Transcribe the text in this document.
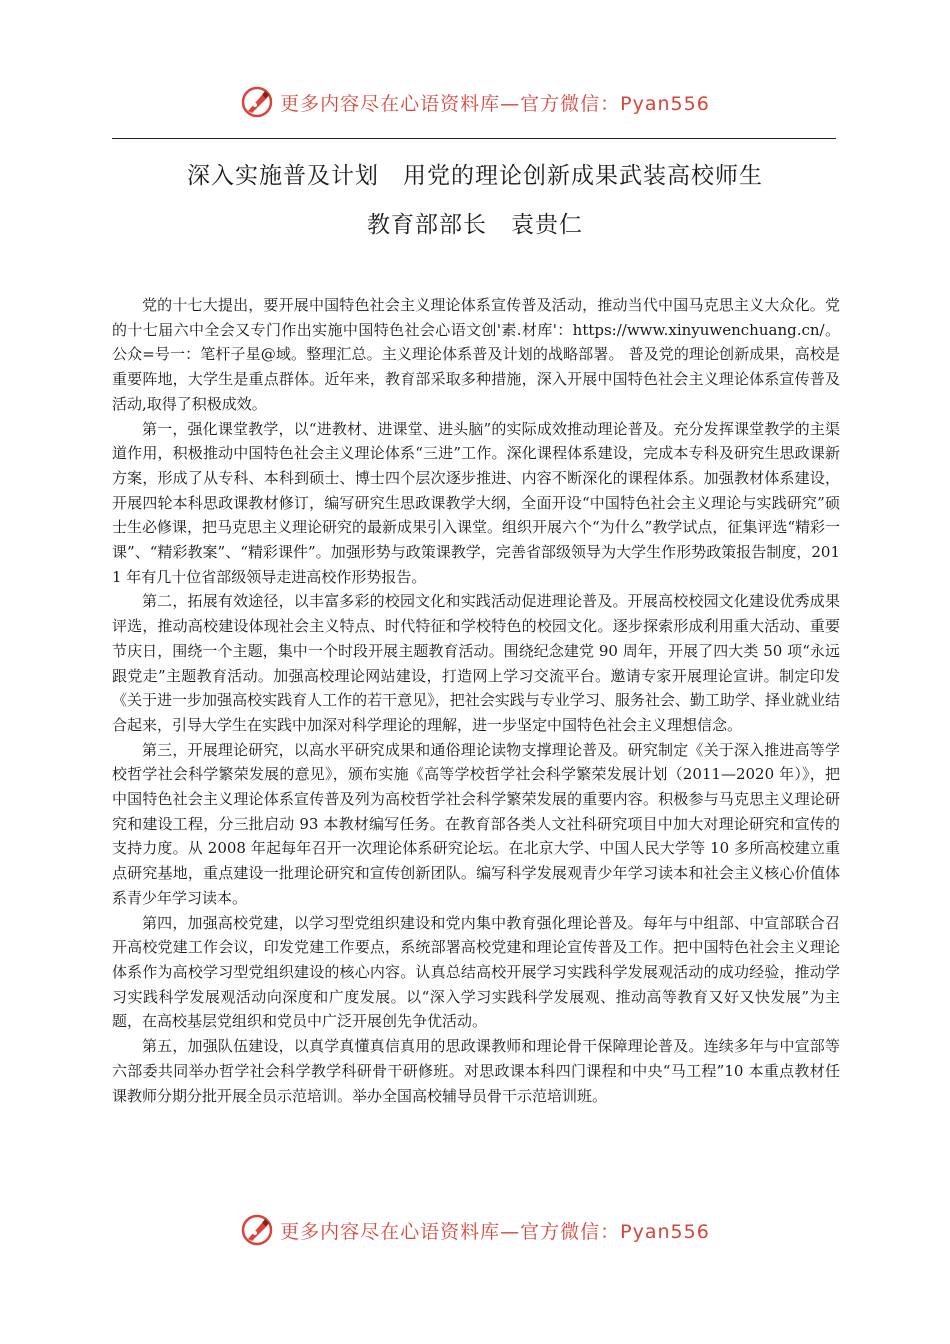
更多内容尽在心语资料库—官方微信：Pyan556
深入实施普及计划　用党的理论创新成果武装高校师生
教育部部长　袁贵仁

党的十七大提出，要开展中国特色社会主义理论体系宣传普及活动，推动当代中国马克思主义大众化。党的十七届六中全会又专门作出实施中国特色社会心语文创'素.材库'：https://www.xinyuwenchuang.cn/。公众=号一：笔杆子星@域。整理汇总。主义理论体系普及计划的战略部署。 普及党的理论创新成果，高校是重要阵地，大学生是重点群体。近年来，教育部采取多种措施，深入开展中国特色社会主义理论体系宣传普及活动,取得了积极成效。

第一，强化课堂教学，以“进教材、进课堂、进头脑”的实际成效推动理论普及。充分发挥课堂教学的主渠道作用，积极推动中国特色社会主义理论体系“三进”工作。深化课程体系建设，完成本专科及研究生思政课新方案，形成了从专科、本科到硕士、博士四个层次逐步推进、内容不断深化的课程体系。加强教材体系建设，开展四轮本科思政课教材修订，编写研究生思政课教学大纲，全面开设“中国特色社会主义理论与实践研究”硕士生必修课，把马克思主义理论研究的最新成果引入课堂。组织开展六个“为什么”教学试点，征集评选“精彩一课”、“精彩教案”、“精彩课件”。加强形势与政策课教学，完善省部级领导为大学生作形势政策报告制度，2011 年有几十位省部级领导走进高校作形势报告。

第二，拓展有效途径，以丰富多彩的校园文化和实践活动促进理论普及。开展高校校园文化建设优秀成果评选，推动高校建设体现社会主义特点、时代特征和学校特色的校园文化。逐步探索形成利用重大活动、重要节庆日，围绕一个主题，集中一个时段开展主题教育活动。围绕纪念建党 90 周年，开展了四大类 50 项“永远跟党走”主题教育活动。加强高校理论网站建设，打造网上学习交流平台。邀请专家开展理论宣讲。制定印发《关于进一步加强高校实践育人工作的若干意见》，把社会实践与专业学习、服务社会、勤工助学、择业就业结合起来，引导大学生在实践中加深对科学理论的理解，进一步坚定中国特色社会主义理想信念。

第三，开展理论研究，以高水平研究成果和通俗理论读物支撑理论普及。研究制定《关于深入推进高等学校哲学社会科学繁荣发展的意见》，颁布实施《高等学校哲学社会科学繁荣发展计划（2011—2020 年）》，把中国特色社会主义理论体系宣传普及列为高校哲学社会科学繁荣发展的重要内容。积极参与马克思主义理论研究和建设工程，分三批启动 93 本教材编写任务。在教育部各类人文社科研究项目中加大对理论研究和宣传的支持力度。从 2008 年起每年召开一次理论体系研究论坛。在北京大学、中国人民大学等 10 多所高校建立重点研究基地，重点建设一批理论研究和宣传创新团队。编写科学发展观青少年学习读本和社会主义核心价值体系青少年学习读本。

第四，加强高校党建，以学习型党组织建设和党内集中教育强化理论普及。每年与中组部、中宣部联合召开高校党建工作会议，印发党建工作要点，系统部署高校党建和理论宣传普及工作。把中国特色社会主义理论体系作为高校学习型党组织建设的核心内容。认真总结高校开展学习实践科学发展观活动的成功经验，推动学习实践科学发展观活动向深度和广度发展。以“深入学习实践科学发展观、推动高等教育又好又快发展”为主题，在高校基层党组织和党员中广泛开展创先争优活动。

第五，加强队伍建设，以真学真懂真信真用的思政课教师和理论骨干保障理论普及。连续多年与中宣部等六部委共同举办哲学社会科学教学科研骨干研修班。对思政课本科四门课程和中央“马工程”10 本重点教材任课教师分期分批开展全员示范培训。举办全国高校辅导员骨干示范培训班。

更多内容尽在心语资料库—官方微信：Pyan556
